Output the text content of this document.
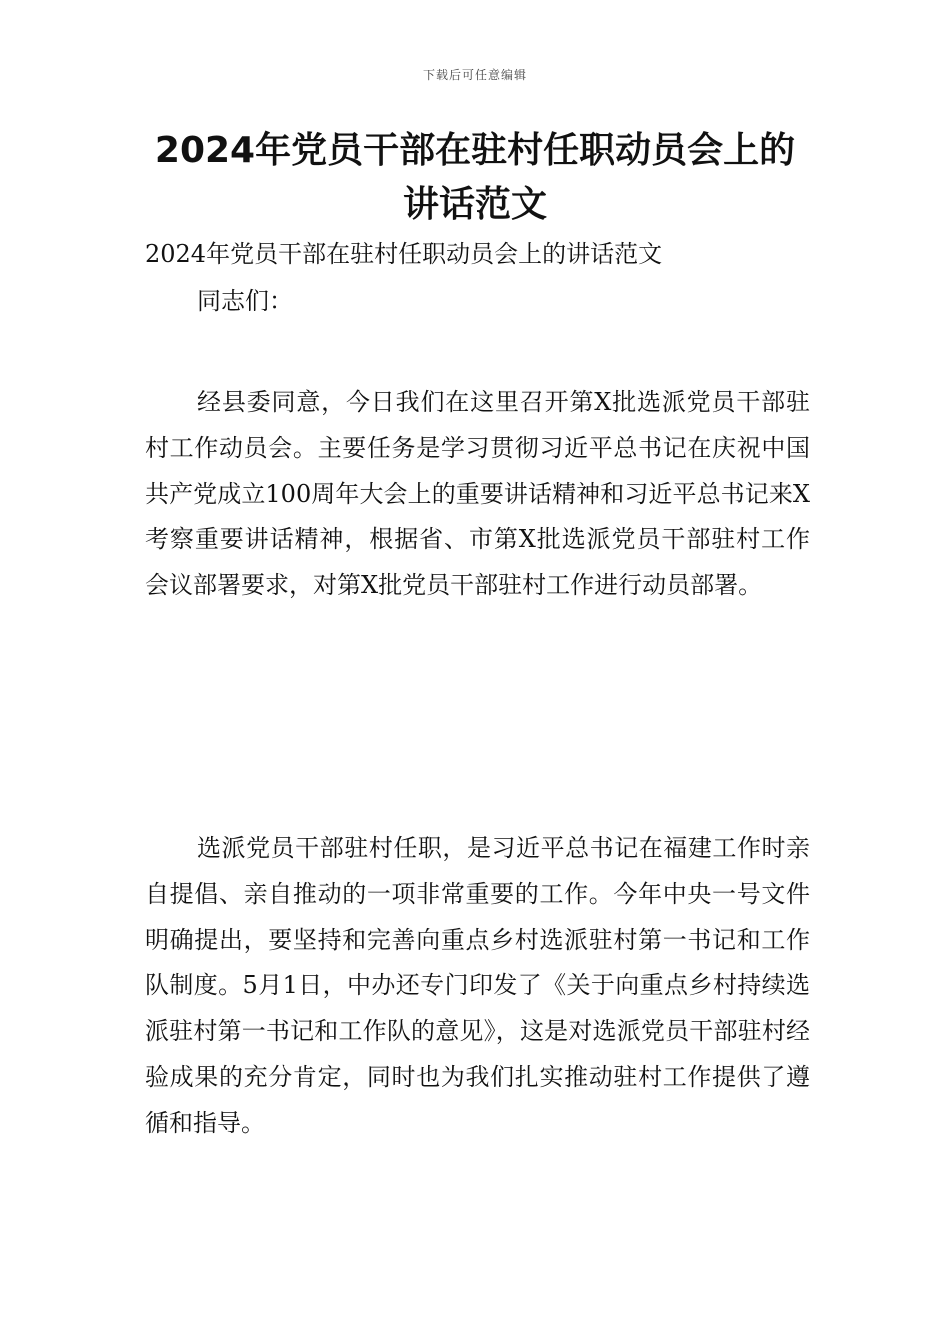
下载后可任意编辑
2024年党员干部在驻村任职动员会上的讲话范文

2024年党员干部在驻村任职动员会上的讲话范文

同志们：

经县委同意，今日我们在这里召开第X批选派党员干部驻村工作动员会。主要任务是学习贯彻习近平总书记在庆祝中国共产党成立100周年大会上的重要讲话精神和习近平总书记来X考察重要讲话精神，根据省、市第X批选派党员干部驻村工作会议部署要求，对第X批党员干部驻村工作进行动员部署。

选派党员干部驻村任职，是习近平总书记在福建工作时亲自提倡、亲自推动的一项非常重要的工作。今年中央一号文件明确提出，要坚持和完善向重点乡村选派驻村第一书记和工作队制度。5月1日，中办还专门印发了《关于向重点乡村持续选派驻村第一书记和工作队的意见》，这是对选派党员干部驻村经验成果的充分肯定，同时也为我们扎实推动驻村工作提供了遵循和指导。
